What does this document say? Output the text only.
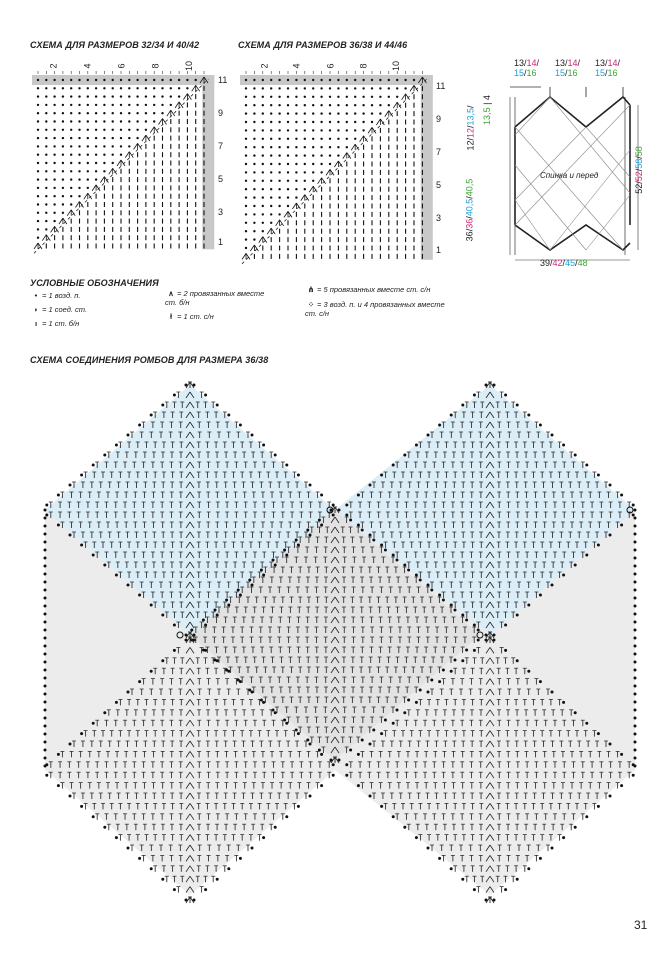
СХЕМА ДЛЯ РАЗМЕРОВ 32/34 И 40/42	СХЕМА ДЛЯ РАЗМЕРОВ 36/38 И 44/46
СХЕМА СОЕДИНЕНИЯ РОМБОВ ДЛЯ РАЗМЕРА 36/38
2	4	6	8	10
11
9
7
5
3
1
2 4	6	8	10
11
9
7
5
3
1
13/14/
15/16
13/14/
15/16
13/14/
15/16
12/12/13,5/
13,5 | 4
36/36/40,5/40,5	52/52/58/58
39/42/45/48
Спинка и перед
УСЛОВНЫЕ ОБОЗНАЧЕНИЯ
• = 1 возд. п.
◗ = 1 соед. ст.
ı = 1 ст. б/н
∧ = 2 провязанных вместе ст. б/н
ł = 1 ст. с/н
⋔ = 5 провязанных вместе ст. с/н
⁘ = 3 возд. п. и 4 провязанных вместе ст. с/н
31
